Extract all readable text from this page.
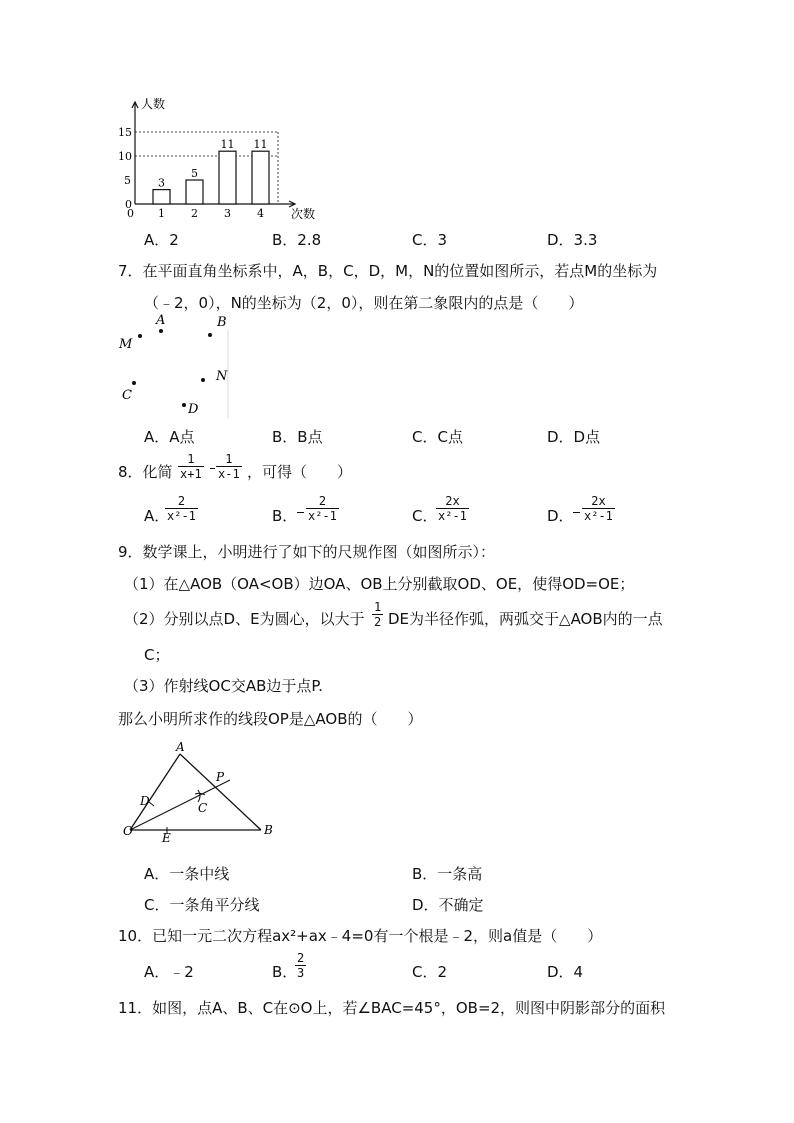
人数
次数
0
5
10
15
3
1
5
2
11
3
11
4
0
A．2	B．2.8	C．3	D．3.3
7．在平面直角坐标系中，A，B，C，D，M，N的位置如图所示，若点M的坐标为
（﹣2，0），N的坐标为（2，0），则在第二象限内的点是（　　）
M
A	B
C
N
D
A．A点	B．B点	C．C点	D．D点
8．化简 $\frac{1}{x+1} \frac{1}{x-1}$ ，可得（　　）
A．
$\frac{2}{\text{x²-1}}$	B． $\frac{2}{\text{x²-1}}$	C．
$\frac{2x}{\text{x²-1}}$	D． $\frac{2x}{\text{x²-1}}$
9．数学课上，小明进行了如下的尺规作图（如图所示）：
（1）在△AOB（OA<OB）边OA、OB上分别截取OD、OE，使得OD=OE；
（2）分别以点D、E为圆心，以大于 $\frac{1}{2}$ DE为半径作弧，两弧交于△AOB内的一点
C；
（3）作射线OC交AB边于点P.
那么小明所求作的线段OP是△AOB的（　　）
A
P
D	C
O E
B
A．一条中线	B．一条高
C．一条角平分线	D．不确定
10．已知一元二次方程ax²+ax﹣4=0有一个根是﹣2，则a值是（　　）
A．﹣2	B．
$\frac{2}{3}$	C．2	D．4
11．如图，点A、B、C在⊙O上，若∠BAC=45°，OB=2，则图中阴影部分的面积
